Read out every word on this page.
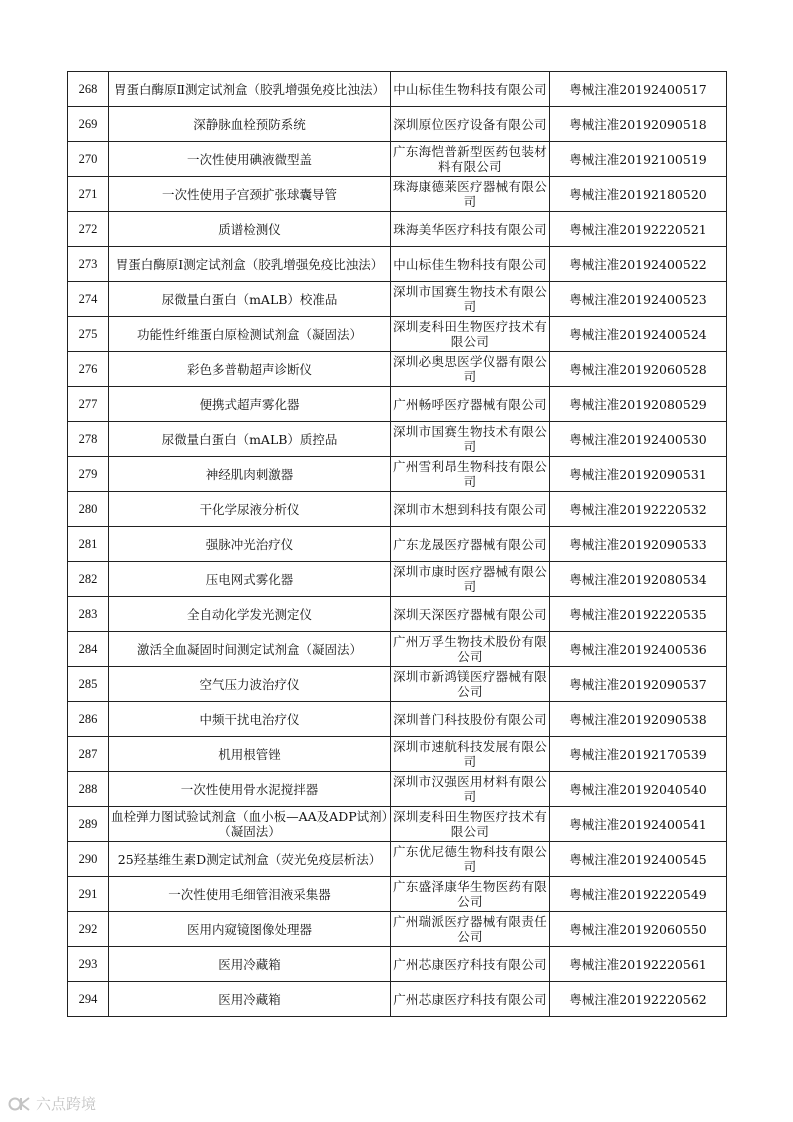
268	胃蛋白酶原Ⅱ测定试剂盒（胶乳增强免疫比浊法）	中山标佳生物科技有限公司	粤械注准20192400517
269	深静脉血栓预防系统	深圳原位医疗设备有限公司	粤械注准20192090518
270	一次性使用碘液微型盖	广东海恺普新型医药包装材料有限公司	粤械注准20192100519
271	一次性使用子宫颈扩张球囊导管	珠海康德莱医疗器械有限公司	粤械注准20192180520
272	质谱检测仪	珠海美华医疗科技有限公司	粤械注准20192220521
273	胃蛋白酶原Ⅰ测定试剂盒（胶乳增强免疫比浊法）	中山标佳生物科技有限公司	粤械注准20192400522
274	尿微量白蛋白（mALB）校准品	深圳市国赛生物技术有限公司	粤械注准20192400523
275	功能性纤维蛋白原检测试剂盒（凝固法）	深圳麦科田生物医疗技术有限公司	粤械注准20192400524
276	彩色多普勒超声诊断仪	深圳必奥思医学仪器有限公司	粤械注准20192060528
277	便携式超声雾化器	广州畅呼医疗器械有限公司	粤械注准20192080529
278	尿微量白蛋白（mALB）质控品	深圳市国赛生物技术有限公司	粤械注准20192400530
279	神经肌肉刺激器	广州雪利昂生物科技有限公司	粤械注准20192090531
280	干化学尿液分析仪	深圳市木想到科技有限公司	粤械注准20192220532
281	强脉冲光治疗仪	广东龙晟医疗器械有限公司	粤械注准20192090533
282	压电网式雾化器	深圳市康时医疗器械有限公司	粤械注准20192080534
283	全自动化学发光测定仪	深圳天深医疗器械有限公司	粤械注准20192220535
284	激活全血凝固时间测定试剂盒（凝固法）	广州万孚生物技术股份有限公司	粤械注准20192400536
285	空气压力波治疗仪	深圳市新鸿镁医疗器械有限公司	粤械注准20192090537
286	中频干扰电治疗仪	深圳普门科技股份有限公司	粤械注准20192090538
287	机用根管锉	深圳市速航科技发展有限公司	粤械注准20192170539
288	一次性使用骨水泥搅拌器	深圳市汉强医用材料有限公司	粤械注准20192040540
289	血栓弹力图试验试剂盒（血小板—AA及ADP试剂）（凝固法）	深圳麦科田生物医疗技术有限公司	粤械注准20192400541
290	25羟基维生素D测定试剂盒（荧光免疫层析法）	广东优尼德生物科技有限公司	粤械注准20192400545
291	一次性使用毛细管泪液采集器	广东盛泽康华生物医药有限公司	粤械注准20192220549
292	医用内窥镜图像处理器	广州瑞派医疗器械有限责任公司	粤械注准20192060550
293	医用冷藏箱	广州芯康医疗科技有限公司	粤械注准20192220561
294	医用冷藏箱	广州芯康医疗科技有限公司	粤械注准20192220562
六点跨境
